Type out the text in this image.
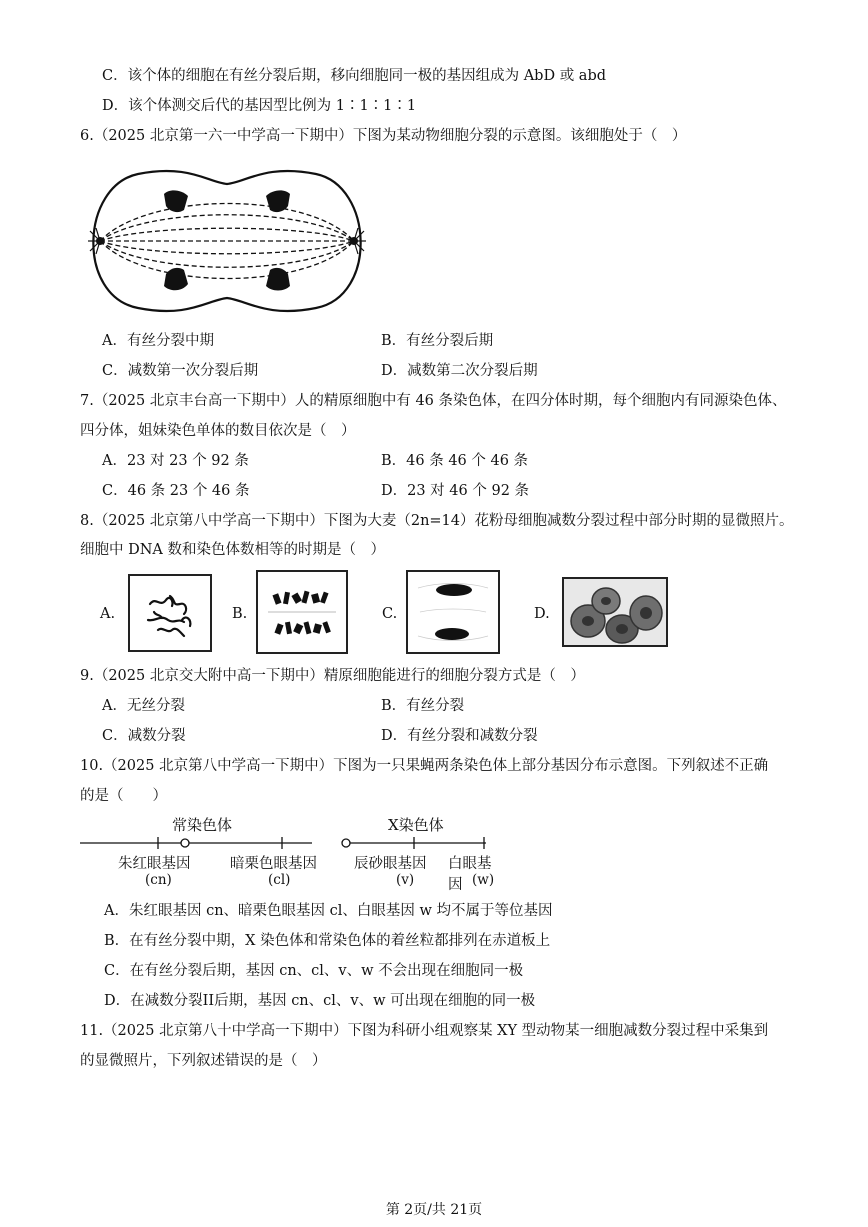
C．该个体的细胞在有丝分裂后期，移向细胞同一极的基因组成为 AbD 或 abd
D．该个体测交后代的基因型比例为 1∶1∶1∶1
6.（2025 北京第一六一中学高一下期中）下图为某动物细胞分裂的示意图。该细胞处于（　）
A．有丝分裂中期	B．有丝分裂后期
C．减数第一次分裂后期	D．减数第二次分裂后期
7.（2025 北京丰台高一下期中）人的精原细胞中有 46 条染色体，在四分体时期，每个细胞内有同源染色体、
四分体，姐妹染色单体的数目依次是（　）
A．23 对 23 个 92 条	B．46 条 46 个 46 条
C．46 条 23 个 46 条	D．23 对 46 个 92 条
8.（2025 北京第八中学高一下期中）下图为大麦（2n=14）花粉母细胞减数分裂过程中部分时期的显微照片。
细胞中 DNA 数和染色体数相等的时期是（　）
A.	B.	C.	D.
9.（2025 北京交大附中高一下期中）精原细胞能进行的细胞分裂方式是（　）
A．无丝分裂	B．有丝分裂
C．减数分裂	D．有丝分裂和减数分裂
10.（2025 北京第八中学高一下期中）下图为一只果蝇两条染色体上部分基因分布示意图。下列叙述不正确
的是（　　）
常染色体	X染色体
朱红眼基因
(cn)
暗栗色眼基因
(cl)
辰砂眼基因
(v)
白眼基因 (w)
A．朱红眼基因 cn、暗栗色眼基因 cl、白眼基因 w 均不属于等位基因
B．在有丝分裂中期，X 染色体和常染色体的着丝粒都排列在赤道板上
C．在有丝分裂后期，基因 cn、cl、v、w 不会出现在细胞同一极
D．在减数分裂II后期，基因 cn、cl、v、w 可出现在细胞的同一极
11.（2025 北京第八十中学高一下期中）下图为科研小组观察某 XY 型动物某一细胞减数分裂过程中采集到
的显微照片，下列叙述错误的是（　）
第 2页/共 21页
